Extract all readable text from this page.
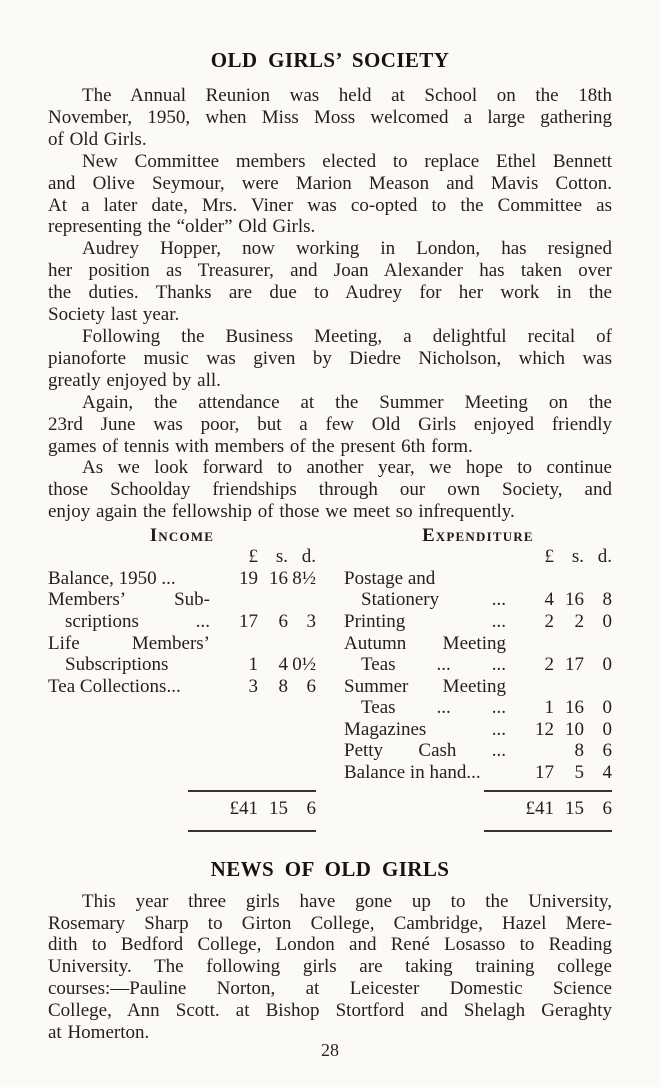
OLD GIRLS’ SOCIETY
The Annual Reunion was held at School on the 18th
November, 1950, when Miss Moss welcomed a large gathering
of Old Girls.
New Committee members elected to replace Ethel Bennett
and Olive Seymour, were Marion Meason and Mavis Cotton.
At a later date, Mrs. Viner was co-opted to the Committee as
representing the “older” Old Girls.
Audrey Hopper, now working in London, has resigned
her position as Treasurer, and Joan Alexander has taken over
the duties. Thanks are due to Audrey for her work in the
Society last year.
Following the Business Meeting, a delightful recital of
pianoforte music was given by Diedre Nicholson, which was
greatly enjoyed by all.
Again, the attendance at the Summer Meeting on the
23rd June was poor, but a few Old Girls enjoyed friendly
games of tennis with members of the present 6th form.
As we look forward to another year, we hope to continue
those Schoolday friendships through our own Society, and
enjoy again the fellowship of those we meet so infrequently.
Income
	£	s.	d.
Balance, 1950 ...	19	16	8½
Members’ Sub-			
scriptions ...	17	6	3
Life Members’			
Subscriptions	1	4	0½
Tea Collections...	3	8	6
£41 15 6
Expenditure
	£	s.	d.
Postage and			
Stationery ...	4	16	8
Printing ...	2	2	0
Autumn Meeting			
Teas ... ...	2	17	0
Summer Meeting			
Teas ... ...	1	16	0
Magazines ...	12	10	0
Petty Cash ...		8	6
Balance in hand...	17	5	4
£41 15 6
NEWS OF OLD GIRLS
This year three girls have gone up to the University,
Rosemary Sharp to Girton College, Cambridge, Hazel Mere-
dith to Bedford College, London and René Losasso to Reading
University. The following girls are taking training college
courses:—Pauline Norton, at Leicester Domestic Science
College, Ann Scott. at Bishop Stortford and Shelagh Geraghty
at Homerton.
28
